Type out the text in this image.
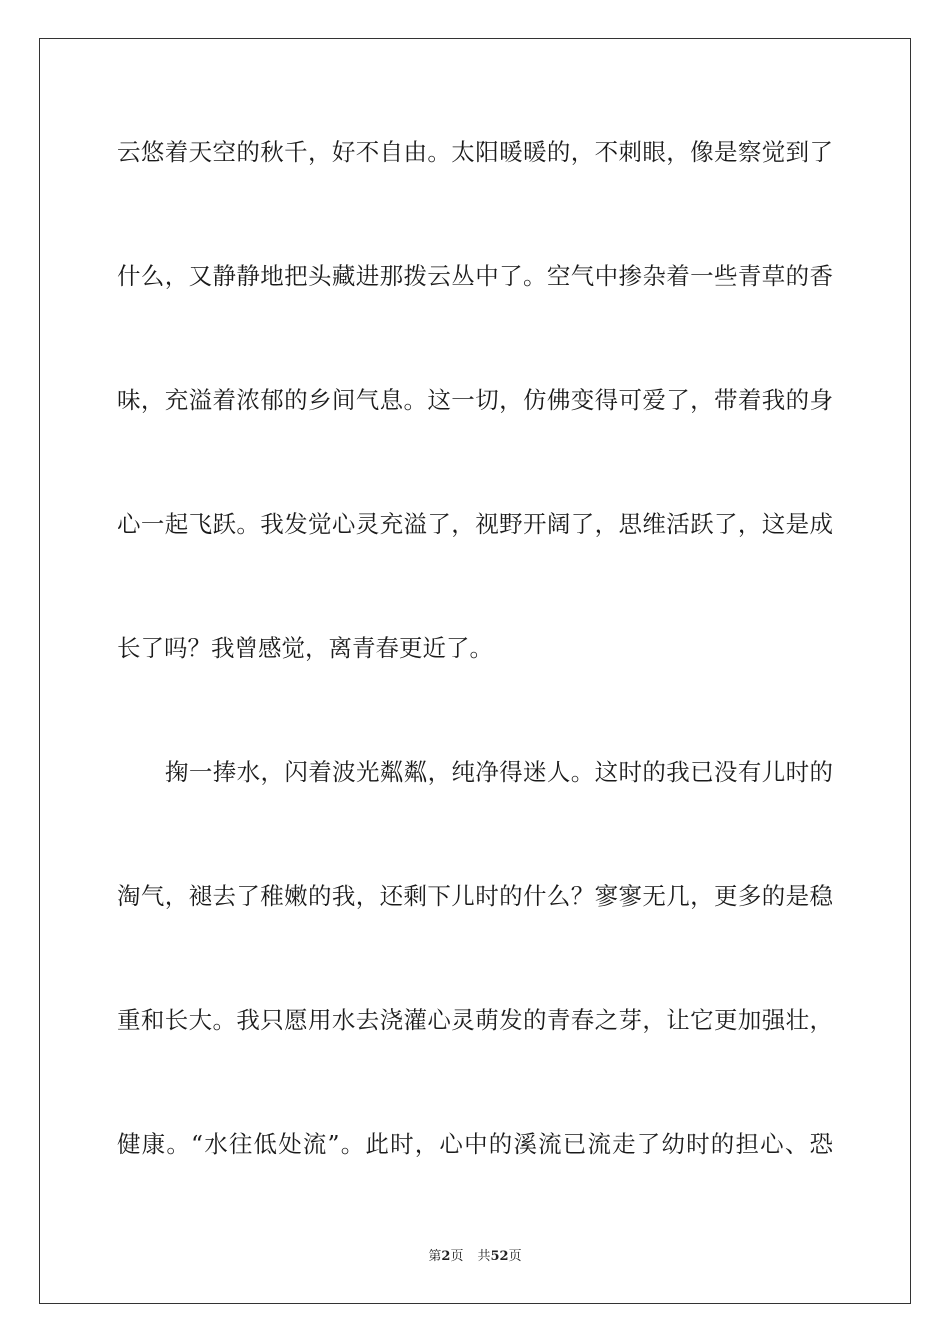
云悠着天空的秋千，好不自由。太阳暖暖的，不刺眼，像是察觉到了
什么，又静静地把头藏进那拨云丛中了。空气中掺杂着一些青草的香
味，充溢着浓郁的乡间气息。这一切，仿佛变得可爱了，带着我的身
心一起飞跃。我发觉心灵充溢了，视野开阔了，思维活跃了，这是成
长了吗？我曾感觉，离青春更近了。
掬一捧水，闪着波光粼粼，纯净得迷人。这时的我已没有儿时的
淘气，褪去了稚嫩的我，还剩下儿时的什么？寥寥无几，更多的是稳
重和长大。我只愿用水去浇灌心灵萌发的青春之芽，让它更加强壮，
健康。“水往低处流”。此时，心中的溪流已流走了幼时的担心、恐
第2页 共52页
